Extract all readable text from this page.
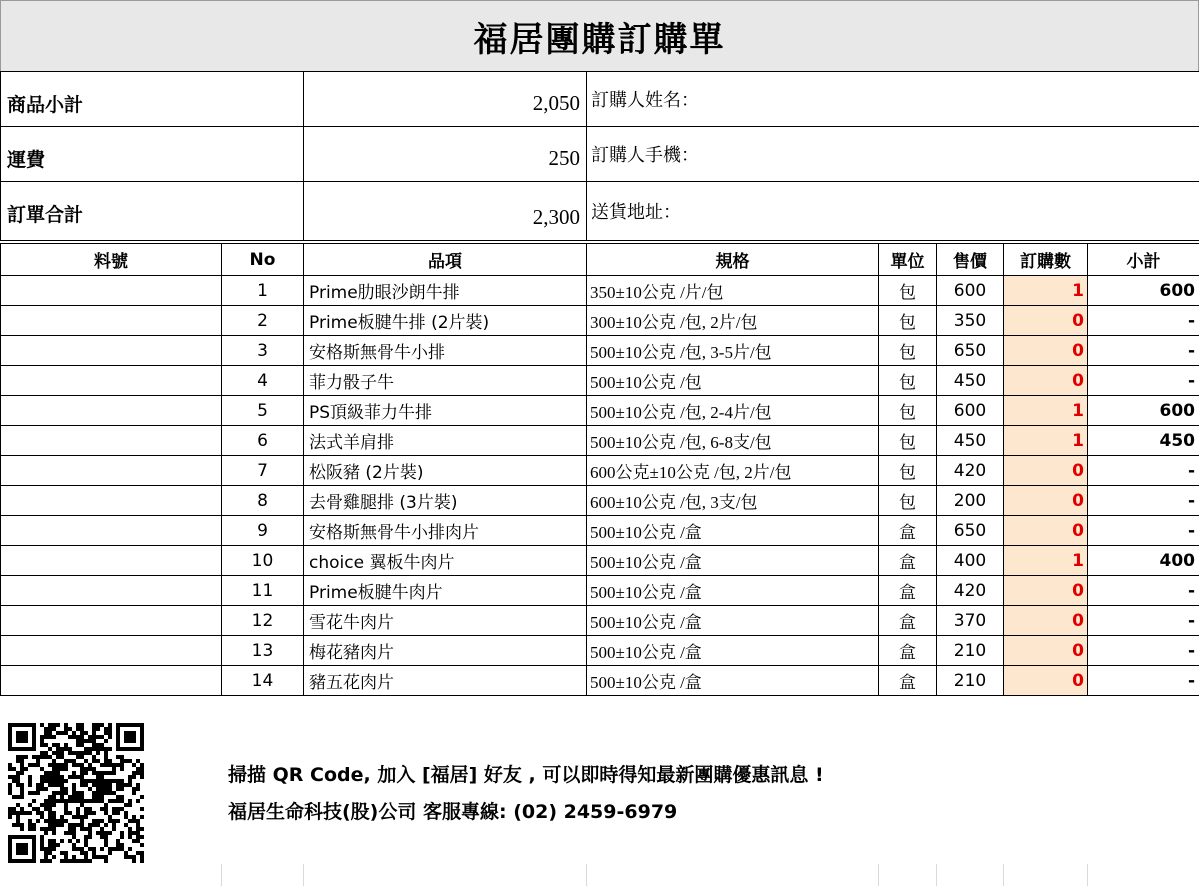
福居團購訂購單
商品小計	2,050	訂購人姓名：
運費	250	訂購人手機：
訂單合計	2,300	送貨地址：
料號	No	品項	規格	單位	售價	訂購數	小計
	1	Prime肋眼沙朗牛排	350±10公克 /片/包	包	600	1	600
	2	Prime板腱牛排 (2片裝)	300±10公克 /包, 2片/包	包	350	0	-
	3	安格斯無骨牛小排	500±10公克 /包, 3-5片/包	包	650	0	-
	4	菲力骰子牛	500±10公克 /包	包	450	0	-
	5	PS頂級菲力牛排	500±10公克 /包, 2-4片/包	包	600	1	600
	6	法式羊肩排	500±10公克 /包, 6-8支/包	包	450	1	450
	7	松阪豬 (2片裝)	600公克±10公克 /包, 2片/包	包	420	0	-
	8	去骨雞腿排 (3片裝)	600±10公克 /包, 3支/包	包	200	0	-
	9	安格斯無骨牛小排肉片	500±10公克 /盒	盒	650	0	-
	10	choice 翼板牛肉片	500±10公克 /盒	盒	400	1	400
	11	Prime板腱牛肉片	500±10公克 /盒	盒	420	0	-
	12	雪花牛肉片	500±10公克 /盒	盒	370	0	-
	13	梅花豬肉片	500±10公克 /盒	盒	210	0	-
	14	豬五花肉片	500±10公克 /盒	盒	210	0	-
掃描 QR Code, 加入 [福居] 好友 , 可以即時得知最新團購優惠訊息 !
福居生命科技(股)公司 客服專線: (02) 2459-6979
